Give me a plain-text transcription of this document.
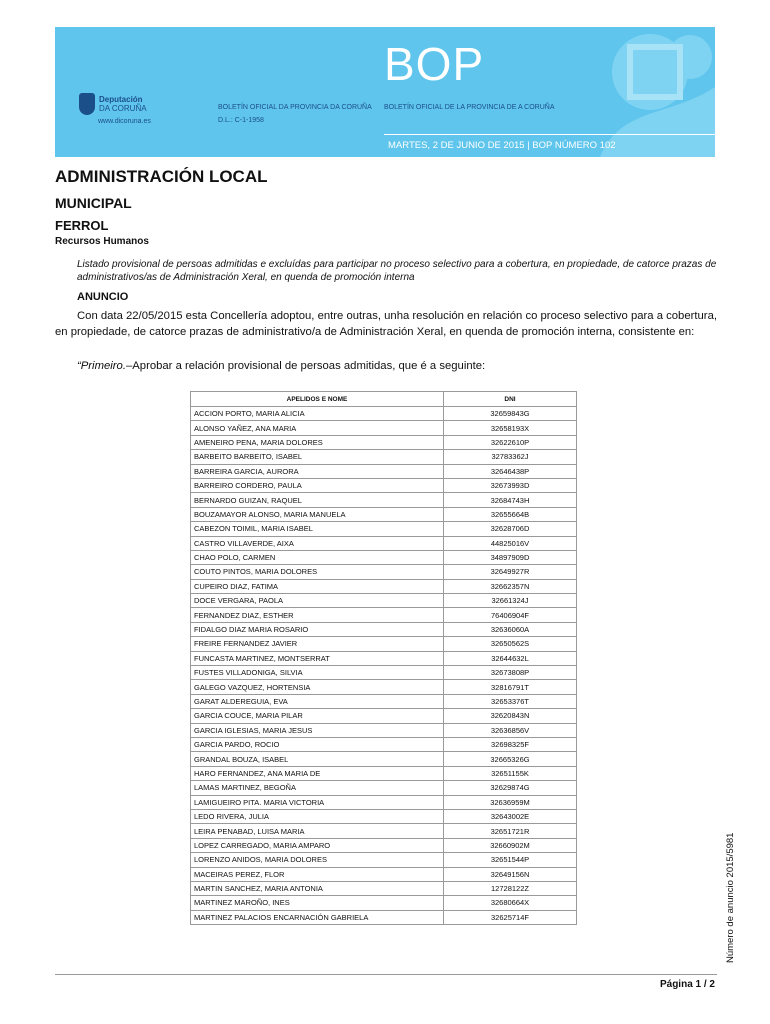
Deputación
DA CORUÑA
www.dicoruna.es
BOP
BOLETÍN OFICIAL DA PROVINCIA DA CORUÑA
D.L.: C-1-1958
BOLETÍN OFICIAL DE LA PROVINCIA DE A CORUÑA
MARTES, 2 DE JUNIO DE 2015 | BOP NÚMERO 102
ADMINISTRACIÓN LOCAL
MUNICIPAL
FERROL
Recursos Humanos
Listado provisional de persoas admitidas e excluídas para participar no proceso selectivo para a cobertura, en propiedade, de catorce prazas de administrativos/as de Administración Xeral, en quenda de promoción interna
ANUNCIO
Con data 22/05/2015 esta Concellería adoptou, entre outras, unha resolución en relación co proceso selectivo para a cobertura, en propiedade, de catorce prazas de administrativo/a de Administración Xeral, en quenda de promoción interna, consistente en:
“Primeiro.–Aprobar a relación provisional de persoas admitidas, que é a seguinte:
APELIDOS E NOME	DNI
ACCION PORTO, MARIA ALICIA	32659843G
ALONSO YAÑEZ, ANA MARIA	32658193X
AMENEIRO PENA, MARIA DOLORES	32622610P
BARBEITO BARBEITO, ISABEL	32783362J
BARREIRA GARCIA, AURORA	32646438P
BARREIRO CORDERO, PAULA	32673993D
BERNARDO GUIZAN, RAQUEL	32684743H
BOUZAMAYOR ALONSO, MARIA MANUELA	32655664B
CABEZON TOIMIL, MARIA ISABEL	32628706D
CASTRO VILLAVERDE, AIXA	44825016V
CHAO POLO, CARMEN	34897909D
COUTO PINTOS, MARIA DOLORES	32649927R
CUPEIRO DIAZ, FATIMA	32662357N
DOCE VERGARA, PAOLA	32661324J
FERNANDEZ DIAZ, ESTHER	76406904F
FIDALGO DIAZ MARIA ROSARIO	32636060A
FREIRE FERNANDEZ JAVIER	32650562S
FUNCASTA MARTINEZ, MONTSERRAT	32644632L
FUSTES VILLADONIGA, SILVIA	32673808P
GALEGO VAZQUEZ, HORTENSIA	32816791T
GARAT ALDEREGUIA, EVA	32653376T
GARCIA COUCE, MARIA PILAR	32620843N
GARCIA IGLESIAS, MARIA JESUS	32636856V
GARCIA PARDO, ROCIO	32698325F
GRANDAL BOUZA, ISABEL	32665326G
HARO FERNANDEZ, ANA MARIA DE	32651155K
LAMAS MARTINEZ, BEGOÑA	32629874G
LAMIGUEIRO PITA. MARIA VICTORIA	32636959M
LEDO RIVERA, JULIA	32643002E
LEIRA PENABAD, LUISA MARIA	32651721R
LOPEZ CARREGADO, MARIA AMPARO	32660902M
LORENZO ANIDOS, MARIA DOLORES	32651544P
MACEIRAS PEREZ, FLOR	32649156N
MARTIN SANCHEZ, MARIA ANTONIA	12728122Z
MARTINEZ MAROÑO, INES	32680664X
MARTINEZ PALACIOS ENCARNACIÓN GABRIELA	32625714F	Número de anuncio 2015/5981
Página 1 / 2
